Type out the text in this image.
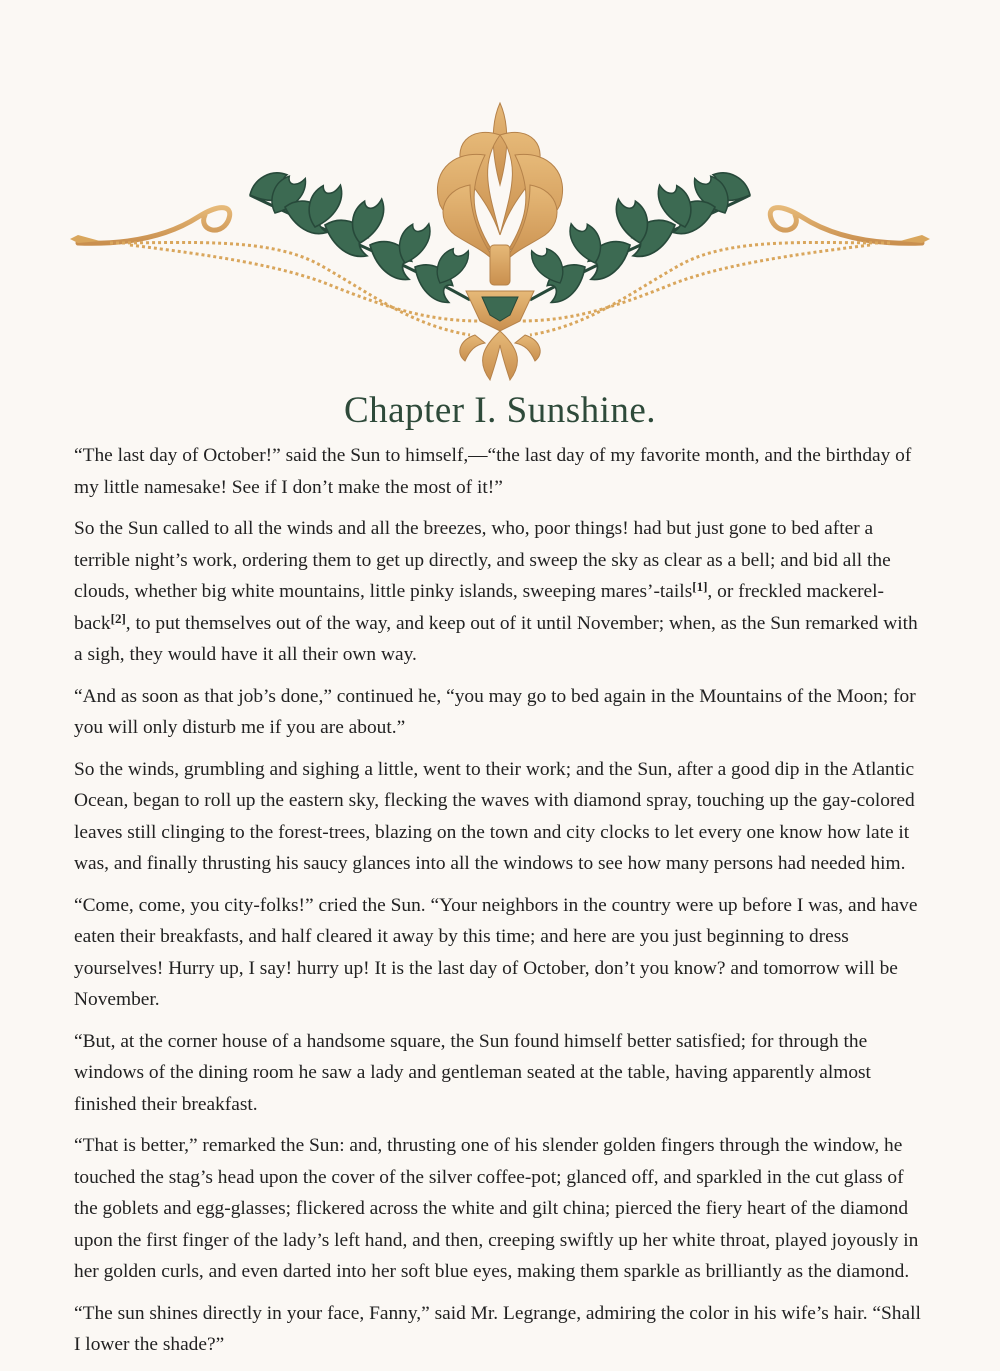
Chapter I. Sunshine.

“The last day of October!” said the Sun to himself,—“the last day of my favorite month, and the birthday of my little namesake! See if I don’t make the most of it!”

So the Sun called to all the winds and all the breezes, who, poor things! had but just gone to bed after a terrible night’s work, ordering them to get up directly, and sweep the sky as clear as a bell; and bid all the clouds, whether big white mountains, little pinky islands, sweeping mares’-tails[1], or freckled mackerel-back[2], to put themselves out of the way, and keep out of it until November; when, as the Sun remarked with a sigh, they would have it all their own way.

“And as soon as that job’s done,” continued he, “you may go to bed again in the Mountains of the Moon; for you will only disturb me if you are about.”

So the winds, grumbling and sighing a little, went to their work; and the Sun, after a good dip in the Atlantic Ocean, began to roll up the eastern sky, flecking the waves with diamond spray, touching up the gay-colored leaves still clinging to the forest-trees, blazing on the town and city clocks to let every one know how late it was, and finally thrusting his saucy glances into all the windows to see how many persons had needed him.

“Come, come, you city-folks!” cried the Sun. “Your neighbors in the country were up before I was, and have eaten their breakfasts, and half cleared it away by this time; and here are you just beginning to dress yourselves! Hurry up, I say! hurry up! It is the last day of October, don’t you know? and tomorrow will be November.

“But, at the corner house of a handsome square, the Sun found himself better satisfied; for through the windows of the dining room he saw a lady and gentleman seated at the table, having apparently almost finished their breakfast.

“That is better,” remarked the Sun: and, thrusting one of his slender golden fingers through the window, he touched the stag’s head upon the cover of the silver coffee-pot; glanced off, and sparkled in the cut glass of the goblets and egg-glasses; flickered across the white and gilt china; pierced the fiery heart of the diamond upon the first finger of the lady’s left hand, and then, creeping swiftly up her white throat, played joyously in her golden curls, and even darted into her soft blue eyes, making them sparkle as brilliantly as the diamond.

“The sun shines directly in your face, Fanny,” said Mr. Legrange, admiring the color in his wife’s hair. “Shall I lower the shade?”
